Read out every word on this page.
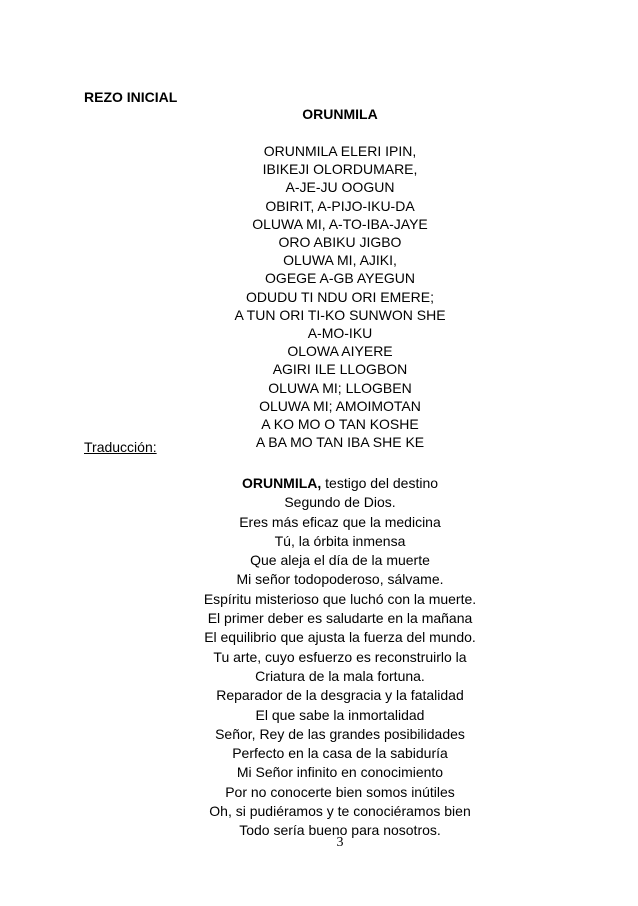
REZO INICIAL

ORUNMILA

ORUNMILA ELERI IPIN,
IBIKEJI OLORDUMARE,
A-JE-JU OOGUN
OBIRIT, A-PIJO-IKU-DA
OLUWA MI, A-TO-IBA-JAYE
ORO ABIKU JIGBO
OLUWA MI, AJIKI,
OGEGE A-GB AYEGUN
ODUDU TI NDU ORI EMERE;
A TUN ORI TI-KO SUNWON SHE
A-MO-IKU
OLOWA AIYERE
AGIRI ILE LLOGBON
OLUWA MI; LLOGBEN
OLUWA MI; AMOIMOTAN
A KO MO O TAN KOSHE
A BA MO TAN IBA SHE KE

Traducción:

ORUNMILA, testigo del destino
Segundo de Dios.
Eres más eficaz que la medicina
Tú, la órbita inmensa
Que aleja el día de la muerte
Mi señor todopoderoso, sálvame.
Espíritu misterioso que luchó con la muerte.
El primer deber es saludarte en la mañana
El equilibrio que ajusta la fuerza del mundo.
Tu arte, cuyo esfuerzo es reconstruirlo la
Criatura de la mala fortuna.
Reparador de la desgracia y la fatalidad
El que sabe la inmortalidad
Señor, Rey de las grandes posibilidades
Perfecto en la casa de la sabiduría
Mi Señor infinito en conocimiento
Por no conocerte bien somos inútiles
Oh, si pudiéramos y te conociéramos bien
Todo sería bueno para nosotros.

3
